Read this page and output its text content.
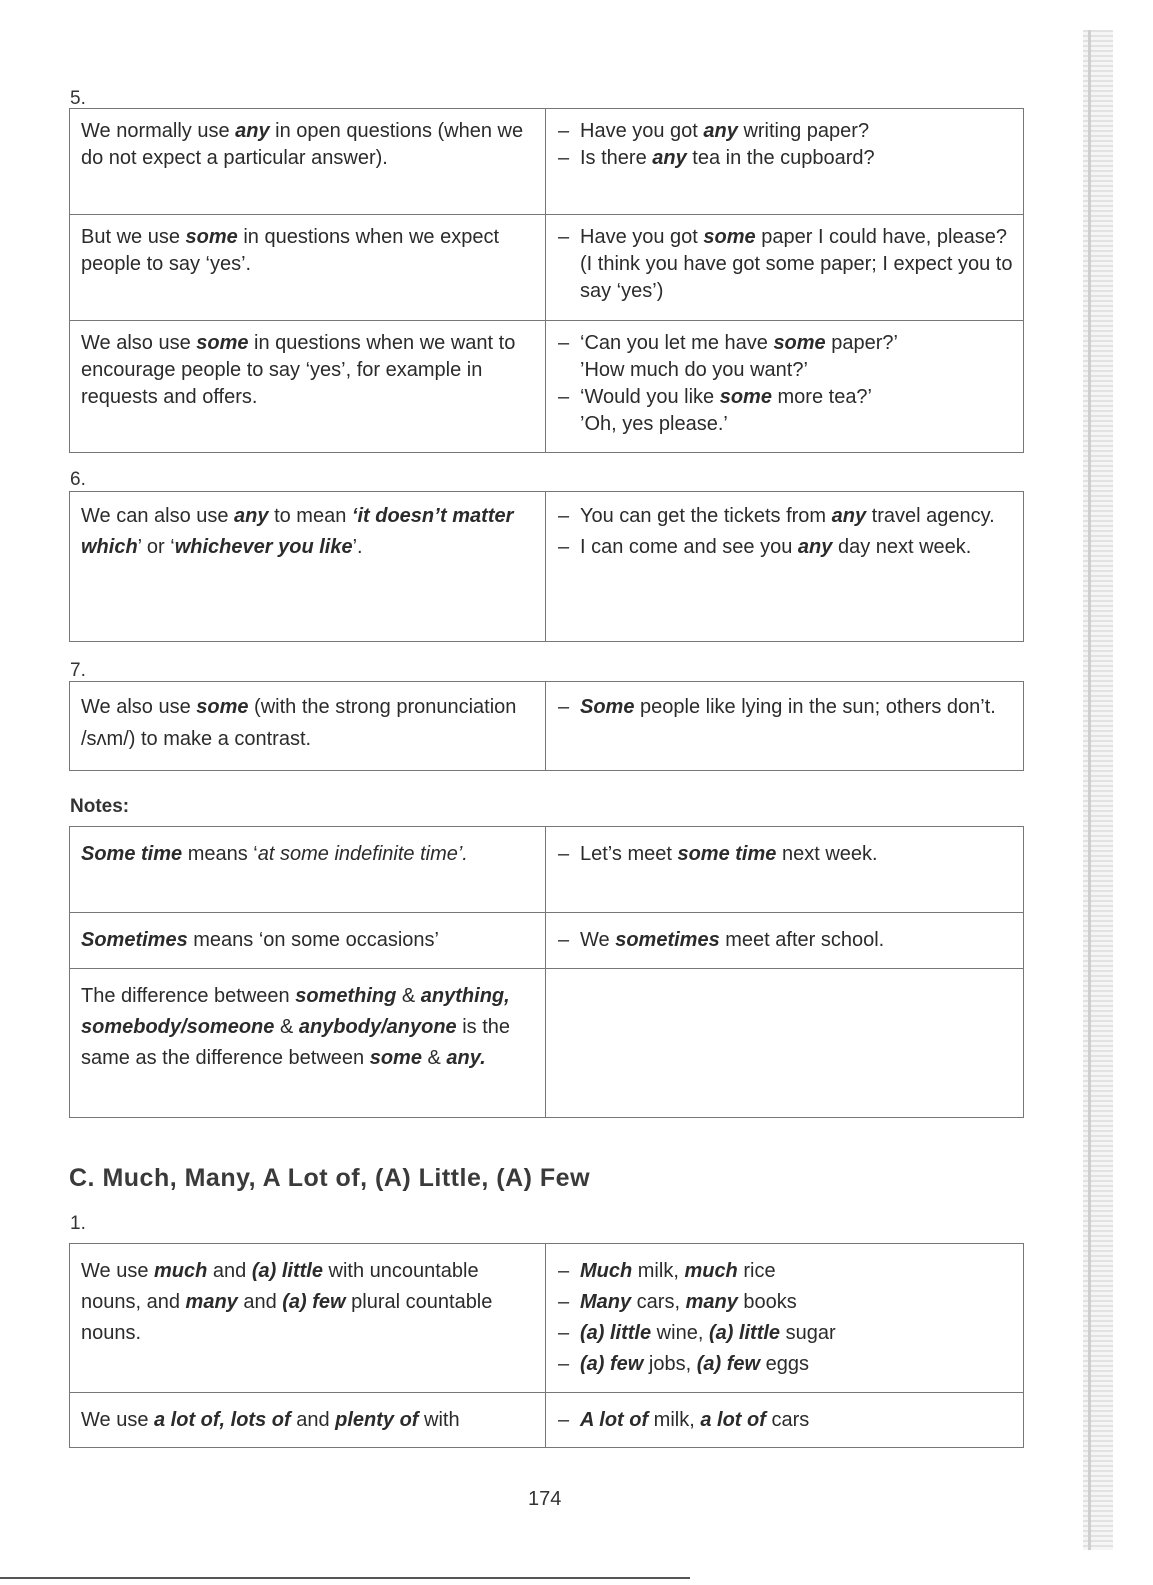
5.
We normally use any in open questions (when we do not expect a particular answer).	– Have you got any writing paper?
– Is there any tea in the cupboard?

But we use some in questions when we expect people to say ‘yes’.	– Have you got some paper I could have, please? (I think you have got some paper; I expect you to say ‘yes’)

We also use some in questions when we want to encourage people to say ‘yes’, for example in requests and offers.	– ‘Can you let me have some paper?’
’How much do you want?’
– ‘Would you like some more tea?’
’Oh, yes please.’
6.
We can also use any to mean ‘it doesn’t matter which’ or ‘whichever you like’.	
– You can get the tickets from any travel agency.
– I can come and see you any day next week.
7.
We also use some (with the strong pronunciation /sʌm/) to make a contrast.	
– Some people like lying in the sun; others don’t.
Notes:
Some time means ‘at some indefinite time’.	– Let’s meet some time next week.

Sometimes means ‘on some occasions’	– We sometimes meet after school.

The difference between something & anything, somebody/someone & anybody/anyone is the same as the difference between some & any.	
C. Much, Many, A Lot of, (A) Little, (A) Few
1.
We use much and (a) little with uncountable nouns, and many and (a) few plural countable nouns.	– Much milk, much rice
– Many cars, many books
– (a) little wine, (a) little sugar
– (a) few jobs, (a) few eggs

We use a lot of, lots of and plenty of with	– A lot of milk, a lot of cars
174
